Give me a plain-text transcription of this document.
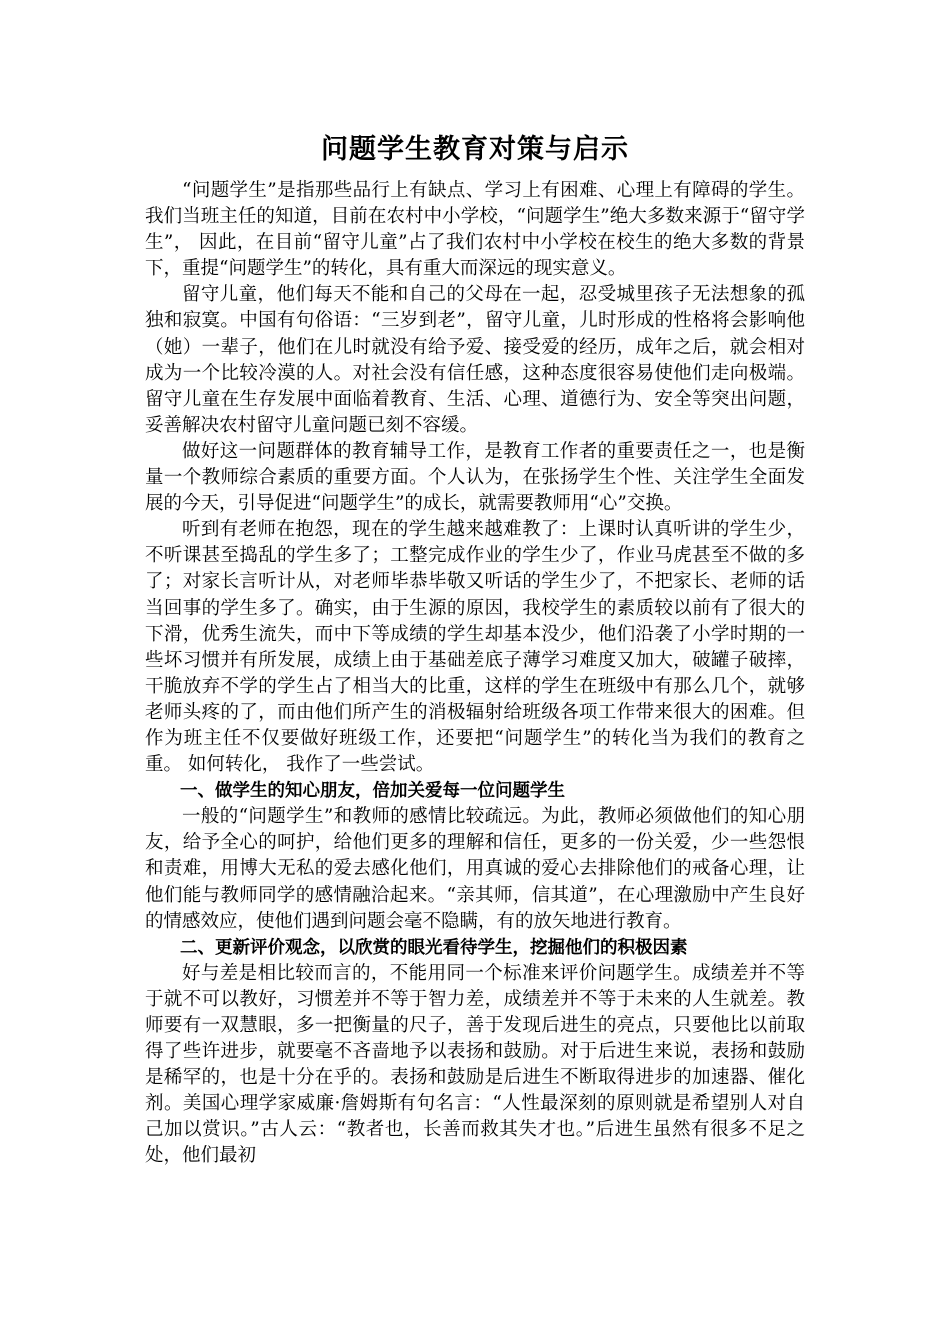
问题学生教育对策与启示

“问题学生”是指那些品行上有缺点、学习上有困难、心理上有障碍的学生。我们当班主任的知道，目前在农村中小学校，“问题学生”绝大多数来源于“留守学生”， 因此，在目前“留守儿童”占了我们农村中小学校在校生的绝大多数的背景下，重提“问题学生”的转化，具有重大而深远的现实意义。

留守儿童，他们每天不能和自己的父母在一起，忍受城里孩子无法想象的孤独和寂寞。中国有句俗语：“三岁到老”，留守儿童，儿时形成的性格将会影响他（她）一辈子，他们在儿时就没有给予爱、接受爱的经历，成年之后，就会相对成为一个比较冷漠的人。对社会没有信任感，这种态度很容易使他们走向极端。留守儿童在生存发展中面临着教育、生活、心理、道德行为、安全等突出问题，妥善解决农村留守儿童问题已刻不容缓。

做好这一问题群体的教育辅导工作，是教育工作者的重要责任之一，也是衡量一个教师综合素质的重要方面。个人认为，在张扬学生个性、关注学生全面发展的今天，引导促进“问题学生”的成长，就需要教师用“心”交换。

听到有老师在抱怨，现在的学生越来越难教了：上课时认真听讲的学生少，不听课甚至捣乱的学生多了；工整完成作业的学生少了，作业马虎甚至不做的多了；对家长言听计从，对老师毕恭毕敬又听话的学生少了，不把家长、老师的话当回事的学生多了。确实，由于生源的原因，我校学生的素质较以前有了很大的下滑，优秀生流失，而中下等成绩的学生却基本没少，他们沿袭了小学时期的一些坏习惯并有所发展，成绩上由于基础差底子薄学习难度又加大，破罐子破摔，干脆放弃不学的学生占了相当大的比重，这样的学生在班级中有那么几个，就够老师头疼的了，而由他们所产生的消极辐射给班级各项工作带来很大的困难。但作为班主任不仅要做好班级工作，还要把“问题学生”的转化当为我们的教育之重。 如何转化， 我作了一些尝试。

一、做学生的知心朋友，倍加关爱每一位问题学生

一般的“问题学生”和教师的感情比较疏远。为此，教师必须做他们的知心朋友，给予全心的呵护，给他们更多的理解和信任，更多的一份关爱，少一些怨恨和责难，用博大无私的爱去感化他们，用真诚的爱心去排除他们的戒备心理，让他们能与教师同学的感情融洽起来。“亲其师，信其道”，在心理激励中产生良好的情感效应，使他们遇到问题会毫不隐瞒，有的放矢地进行教育。

二、更新评价观念，以欣赏的眼光看待学生，挖掘他们的积极因素

好与差是相比较而言的，不能用同一个标准来评价问题学生。成绩差并不等于就不可以教好，习惯差并不等于智力差，成绩差并不等于未来的人生就差。教师要有一双慧眼，多一把衡量的尺子，善于发现后进生的亮点，只要他比以前取得了些许进步，就要毫不吝啬地予以表扬和鼓励。对于后进生来说，表扬和鼓励是稀罕的，也是十分在乎的。表扬和鼓励是后进生不断取得进步的加速器、催化剂。美国心理学家威廉·詹姆斯有句名言：“人性最深刻的原则就是希望别人对自己加以赏识。”古人云：“教者也，长善而救其失才也。”后进生虽然有很多不足之处，他们最初
